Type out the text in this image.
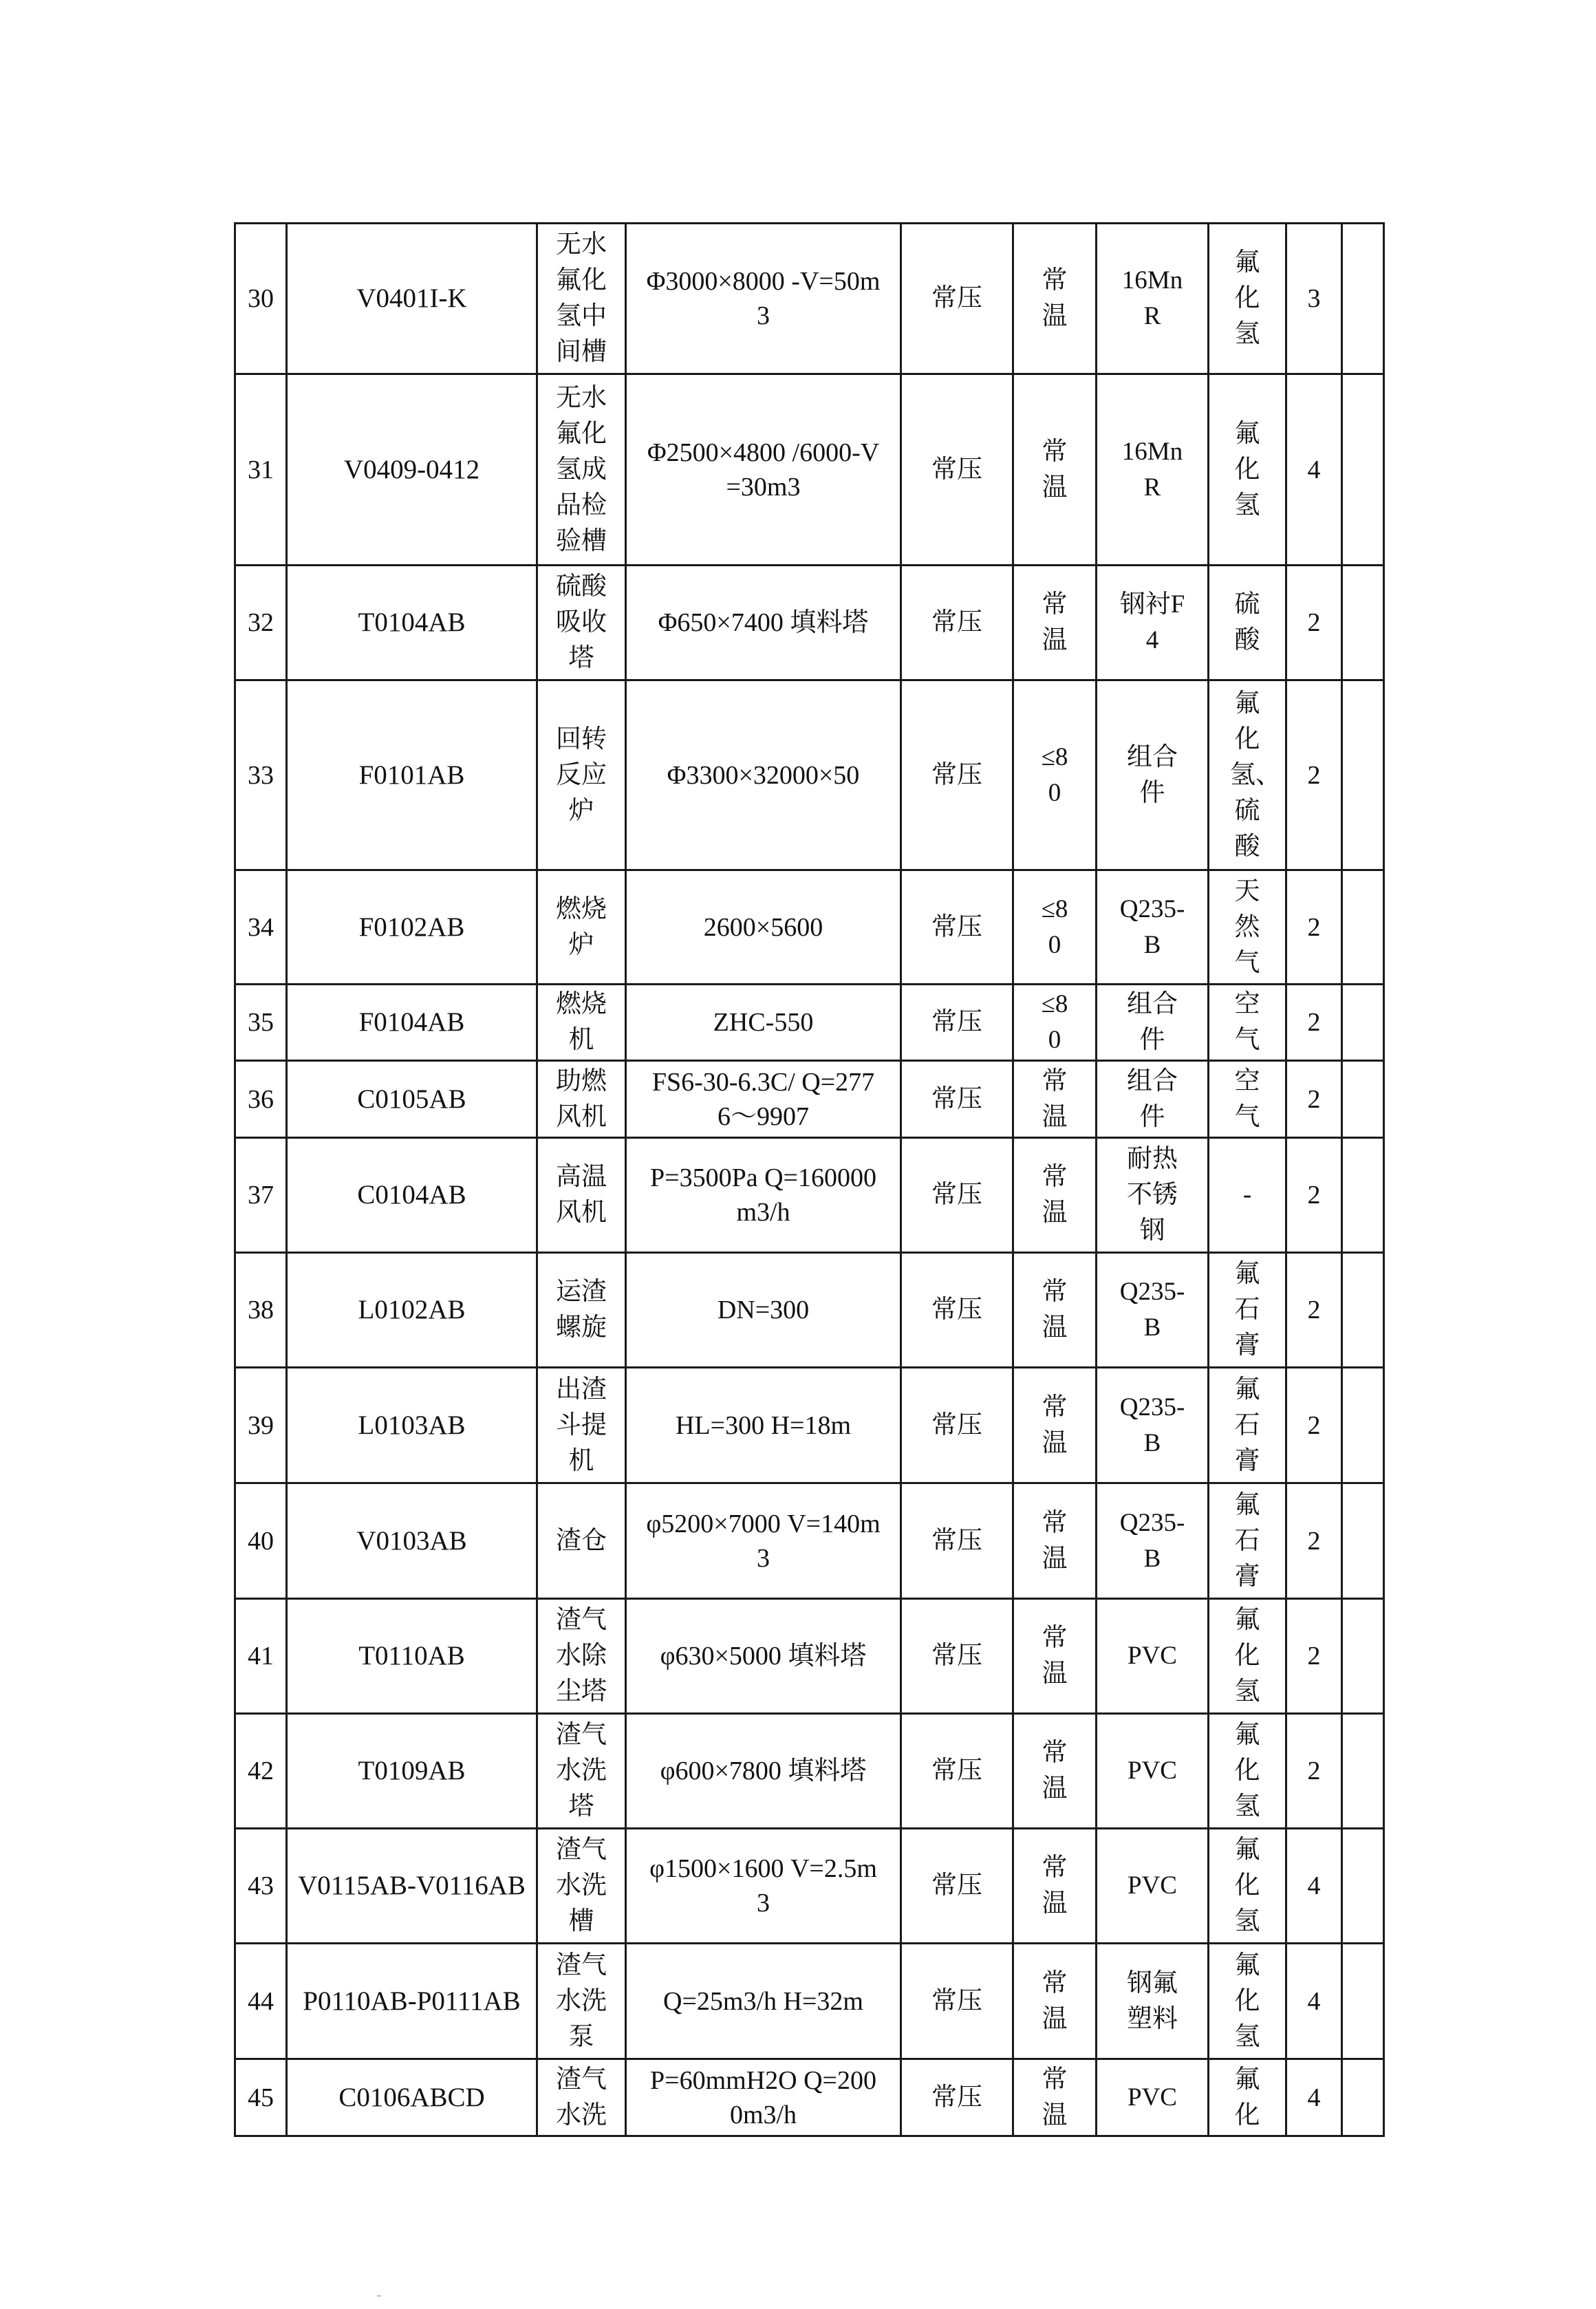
30	V0401I-K	无水氟化氢中间槽	Φ3000×8000 -V=50m3	常压	常温	16MnR	氟化氢	3	
31	V0409-0412	无水氟化氢成品检验槽	Φ2500×4800 /6000-V=30m3	常压	常温	16MnR	氟化氢	4	
32	T0104AB	硫酸吸收塔	Φ650×7400 填料塔	常压	常温	钢衬F4	硫酸	2	
33	F0101AB	回转反应炉	Φ3300×32000×50	常压	≤80	组合件	氟化氢、硫酸	2	
34	F0102AB	燃烧炉	2600×5600	常压	≤80	Q235-B	天然气	2	
35	F0104AB	燃烧机	ZHC-550	常压	≤80	组合件	空气	2	
36	C0105AB	助燃风机	FS6-30-6.3C/ Q=2776～9907	常压	常温	组合件	空气	2	
37	C0104AB	高温风机	P=3500Pa Q=160000m3/h	常压	常温	耐热不锈钢	-	2	
38	L0102AB	运渣螺旋	DN=300	常压	常温	Q235-B	氟石膏	2	
39	L0103AB	出渣斗提机	HL=300 H=18m	常压	常温	Q235-B	氟石膏	2	
40	V0103AB	渣仓	φ5200×7000 V=140m3	常压	常温	Q235-B	氟石膏	2	
41	T0110AB	渣气水除尘塔	φ630×5000 填料塔	常压	常温	PVC	氟化氢	2	
42	T0109AB	渣气水洗塔	φ600×7800 填料塔	常压	常温	PVC	氟化氢	2	
43	V0115AB-V0116AB	渣气水洗槽	φ1500×1600 V=2.5m3	常压	常温	PVC	氟化氢	4	
44	P0110AB-P0111AB	渣气水洗泵	Q=25m3/h H=32m	常压	常温	钢氟塑料	氟化氢	4	
45	C0106ABCD	渣气水洗	P=60mmH2O Q=2000m3/h	常压	常温	PVC	氟化	4	
